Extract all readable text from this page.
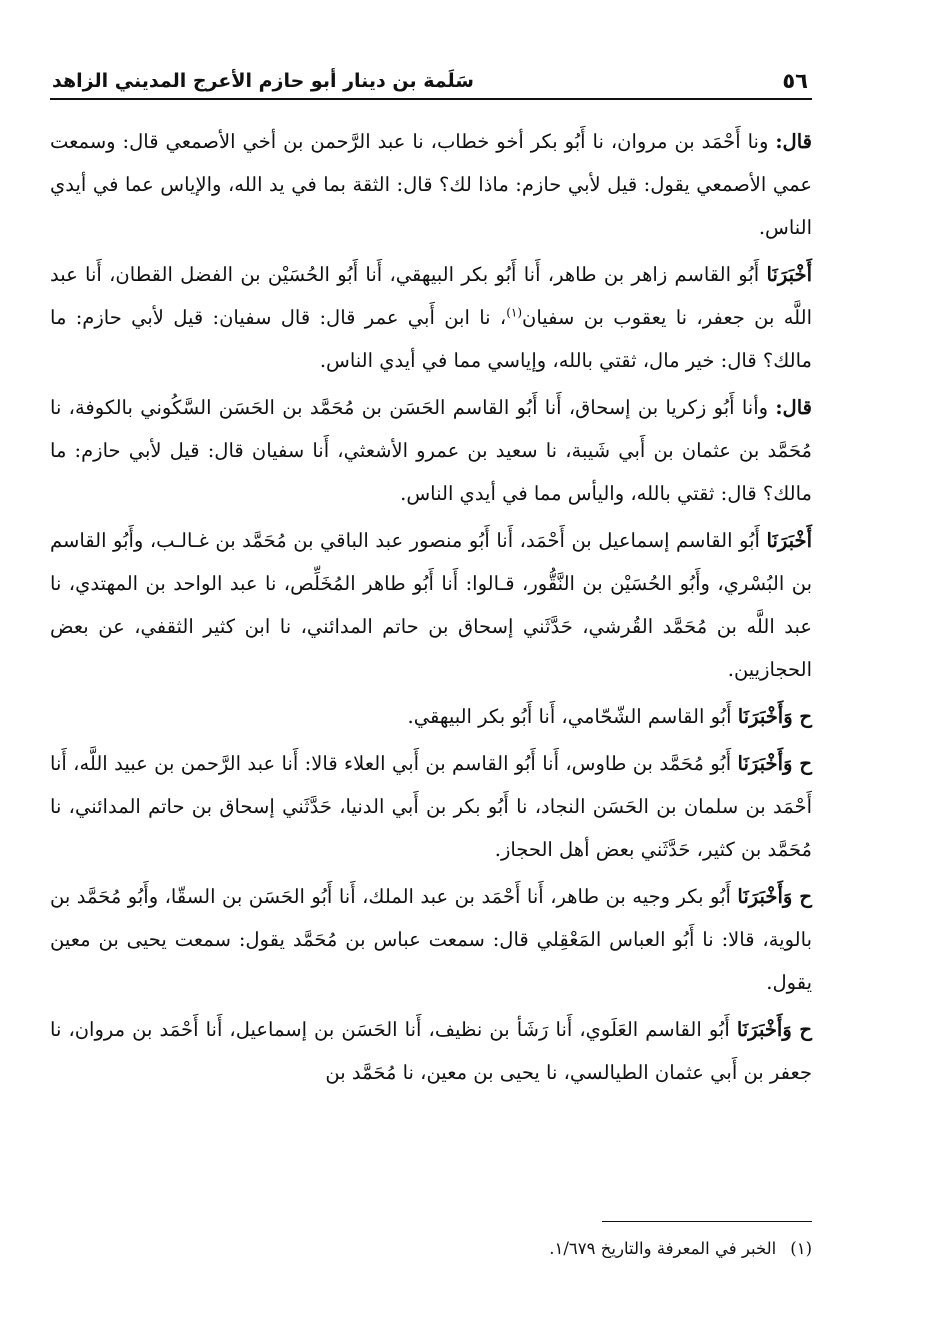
٥٦
سَلَمة بن دينار أبو حازم الأعرج المديني الزاهد

قال: ونا أَحْمَد بن مروان، نا أَبُو بكر أخو خطاب، نا عبد الرَّحمن بن أخي الأصمعي قال: وسمعت عمي الأصمعي يقول: قيل لأبي حازم: ماذا لك؟ قال: الثقة بما في يد الله، والإياس عما في أيدي الناس.

أَخْبَرَنَا أَبُو القاسم زاهر بن طاهر، أَنا أَبُو بكر البيهقي، أَنا أَبُو الحُسَيْن بن الفضل القطان، أَنا عبد اللَّه بن جعفر، نا يعقوب بن سفيان$^{(١)}$، نا ابن أَبي عمر قال: قال سفيان: قيل لأبي حازم: ما مالك؟ قال: خير مال، ثقتي بالله، وإياسي مما في أيدي الناس.

قال: وأنا أَبُو زكريا بن إسحاق، أَنا أَبُو القاسم الحَسَن بن مُحَمَّد بن الحَسَن السَّكُوني بالكوفة، نا مُحَمَّد بن عثمان بن أَبي شَيبة، نا سعيد بن عمرو الأشعثي، أَنا سفيان قال: قيل لأبي حازم: ما مالك؟ قال: ثقتي بالله، واليأس مما في أيدي الناس.

أَخْبَرَنَا أَبُو القاسم إسماعيل بن أَحْمَد، أَنا أَبُو منصور عبد الباقي بن مُحَمَّد بن غـالـب، وأَبُو القاسم بن البُسْري، وأَبُو الحُسَيْن بن النَّقُّور، قـالوا: أَنا أَبُو طاهر المُخَلِّص، نا عبد الواحد بن المهتدي، نا عبد اللَّه بن مُحَمَّد القُرشي، حَدَّثَني إسحاق بن حاتم المدائني، نا ابن كثير الثقفي، عن بعض الحجازيين.

ح وَأَخْبَرَنَا أَبُو القاسم الشّحّامي، أَنا أَبُو بكر البيهقي.

ح وَأَخْبَرَنَا أَبُو مُحَمَّد بن طاوس، أَنا أَبُو القاسم بن أَبي العلاء قالا: أَنا عبد الرَّحمن بن عبيد اللَّه، أَنا أَحْمَد بن سلمان بن الحَسَن النجاد، نا أَبُو بكر بن أَبي الدنيا، حَدَّثَني إسحاق بن حاتم المدائني، نا مُحَمَّد بن كثير، حَدَّثَني بعض أهل الحجاز.

ح وَأَخْبَرَنَا أَبُو بكر وجيه بن طاهر، أَنا أَحْمَد بن عبد الملك، أَنا أَبُو الحَسَن بن السقّا، وأَبُو مُحَمَّد بن بالوية، قالا: نا أَبُو العباس المَعْقِلي قال: سمعت عباس بن مُحَمَّد يقول: سمعت يحيى بن معين يقول.

ح وَأَخْبَرَنَا أَبُو القاسم العَلَوي، أَنا رَشَأ بن نظيف، أَنا الحَسَن بن إسماعيل، أَنا أَحْمَد بن مروان، نا جعفر بن أَبي عثمان الطيالسي، نا يحيى بن معين، نا مُحَمَّد بن

(١)الخبر في المعرفة والتاريخ ١/٦٧٩.
